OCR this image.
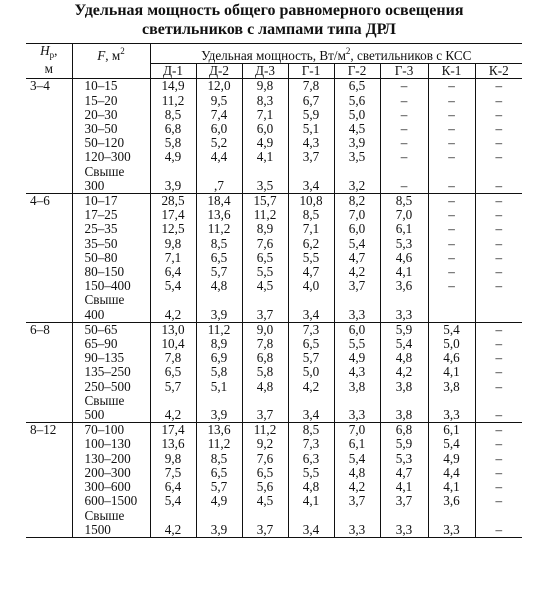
Удельная мощность общего равномерного освещения
светильников с лампами типа ДРЛ
$H_p$,
м	F, $м^2$	Удельная мощность, $Вт/м^2$, светильников с КСС							
		Д-1	Д-2	Д-3	Г-1	Г-2	Г-3	К-1	К-2
3–4	10–15	14,9	12,0	9,8	7,8	6,5	–	–	–
	15–20	11,2	9,5	8,3	6,7	5,6	–	–	–
	20–30	8,5	7,4	7,1	5,9	5,0	–	–	–
	30–50	6,8	6,0	6,0	5,1	4,5	–	–	–
	50–120	5,8	5,2	4,9	4,3	3,9	–	–	–
	120–300	4,9	4,4	4,1	3,7	3,5	–	–	–
	Свыше								
	300	3,9	,7	3,5	3,4	3,2	–	–	–
4–6	10–17	28,5	18,4	15,7	10,8	8,2	8,5	–	–
	17–25	17,4	13,6	11,2	8,5	7,0	7,0	–	–
	25–35	12,5	11,2	8,9	7,1	6,0	6,1	–	–
	35–50	9,8	8,5	7,6	6,2	5,4	5,3	–	–
	50–80	7,1	6,5	6,5	5,5	4,7	4,6	–	–
	80–150	6,4	5,7	5,5	4,7	4,2	4,1	–	–
	150–400	5,4	4,8	4,5	4,0	3,7	3,6	–	–
	Свыше								
	400	4,2	3,9	3,7	3,4	3,3	3,3		
6–8	50–65	13,0	11,2	9,0	7,3	6,0	5,9	5,4	–
	65–90	10,4	8,9	7,8	6,5	5,5	5,4	5,0	–
	90–135	7,8	6,9	6,8	5,7	4,9	4,8	4,6	–
	135–250	6,5	5,8	5,8	5,0	4,3	4,2	4,1	–
	250–500	5,7	5,1	4,8	4,2	3,8	3,8	3,8	–
	Свыше								
	500	4,2	3,9	3,7	3,4	3,3	3,8	3,3	–
8–12	70–100	17,4	13,6	11,2	8,5	7,0	6,8	6,1	–
	100–130	13,6	11,2	9,2	7,3	6,1	5,9	5,4	–
	130–200	9,8	8,5	7,6	6,3	5,4	5,3	4,9	–
	200–300	7,5	6,5	6,5	5,5	4,8	4,7	4,4	–
	300–600	6,4	5,7	5,6	4,8	4,2	4,1	4,1	–
	600–1500	5,4	4,9	4,5	4,1	3,7	3,7	3,6	–
	Свыше								
	1500	4,2	3,9	3,7	3,4	3,3	3,3	3,3	–
